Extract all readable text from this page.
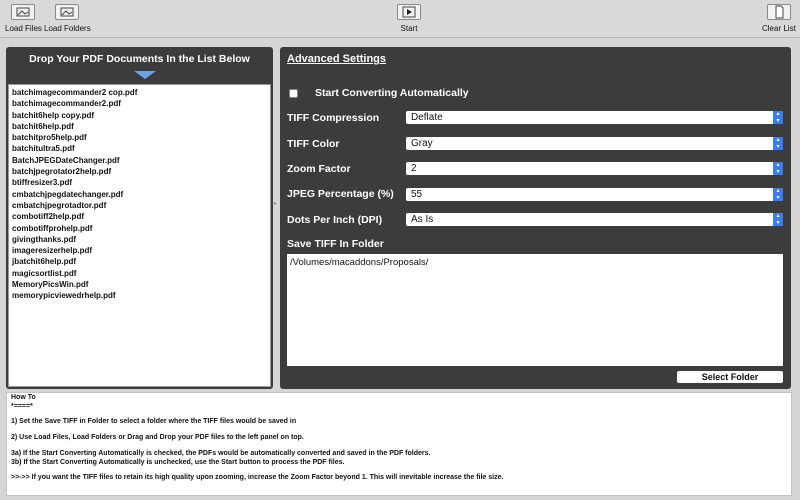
Load Files Load Folders	Start	Clear List
Drop Your PDF Documents In the List Below
batchimagecommander2 cop.pdf
batchimagecommander2.pdf
batchit6help copy.pdf
batchit6help.pdf
batchitpro5help.pdf
batchitultra5.pdf
BatchJPEGDateChanger.pdf
batchjpegrotator2help.pdf
btiffresizer3.pdf
cmbatchjpegdatechanger.pdf
cmbatchjpegrotadtor.pdf
combotiff2help.pdf
combotiffprohelp.pdf
givingthanks.pdf
imageresizerhelp.pdf
jbatchit6help.pdf
magicsortlist.pdf
MemoryPicsWin.pdf
memorypicviewedrhelp.pdf
▸
Advanced Settings
Start Converting Automatically
TIFF Compression	Deflate	▴
▾
TIFF Color	Gray	▴
▾
Zoom Factor	2	▴
▾
JPEG Percentage (%) 55	▴
▾
Dots Per Inch (DPI)	As Is	▴
▾
Save TIFF In Folder
/Volumes/macaddons/Proposals/
Select Folder
How To
*====*
1) Set the Save TIFF in Folder to select a folder where the TIFF files would be saved in
2) Use Load Files, Load Folders or Drag and Drop your PDF files to the left panel on top.
3a) If the Start Converting Automatically is checked, the PDFs would be automatically converted and saved in the PDF folders.
3b) If the Start Converting Automatically is unchecked, use the Start button to process the PDF files.
>>->> If you want the TIFF files to retain its high quality upon zooming, increase the Zoom Factor beyond 1. This will inevitable increase the file size.
